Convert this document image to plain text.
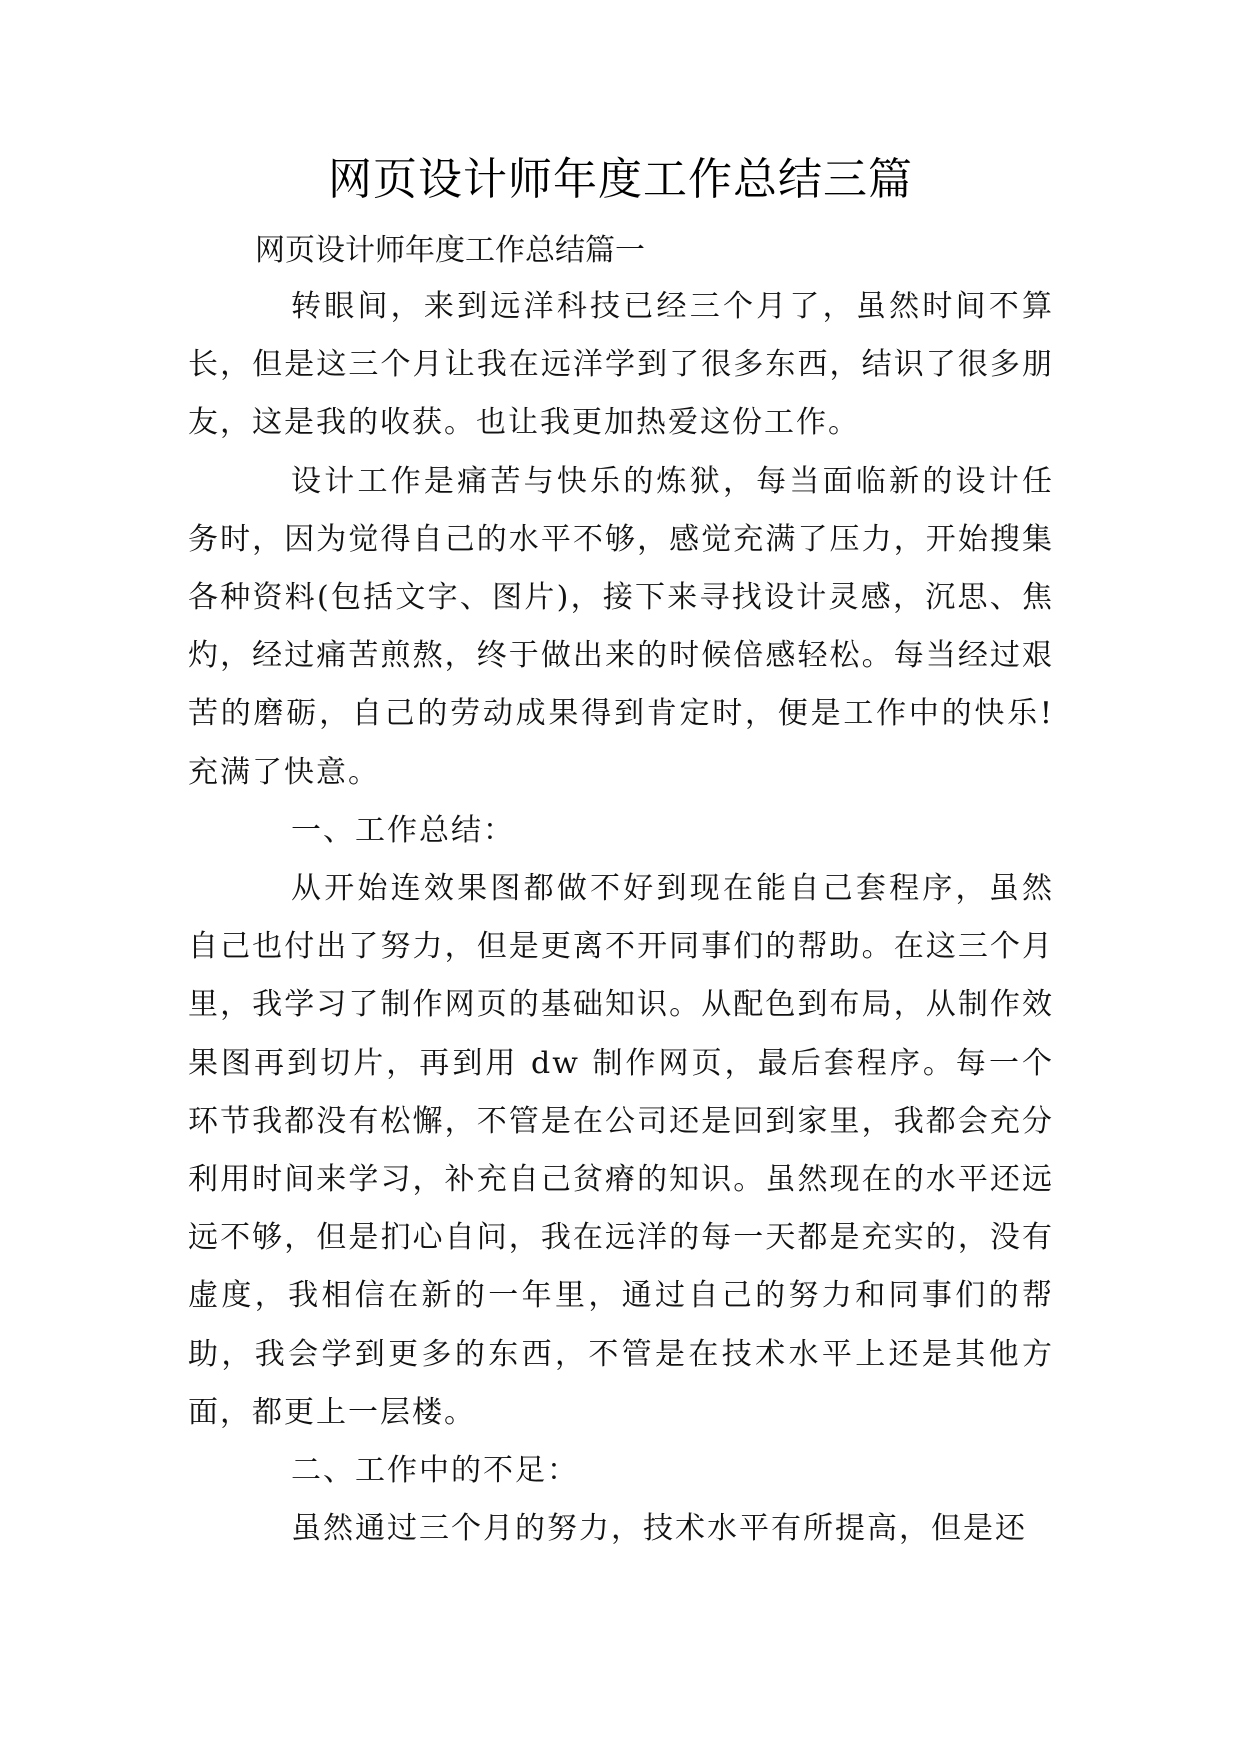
网页设计师年度工作总结三篇
网页设计师年度工作总结篇一

转眼间，来到远洋科技已经三个月了，虽然时间不算长，但是这三个月让我在远洋学到了很多东西，结识了很多朋友，这是我的收获。也让我更加热爱这份工作。

设计工作是痛苦与快乐的炼狱，每当面临新的设计任务时，因为觉得自己的水平不够，感觉充满了压力，开始搜集各种资料(包括文字、图片)，接下来寻找设计灵感，沉思、焦灼，经过痛苦煎熬，终于做出来的时候倍感轻松。每当经过艰苦的磨砺，自己的劳动成果得到肯定时，便是工作中的快乐!充满了快意。

一、工作总结：

从开始连效果图都做不好到现在能自己套程序，虽然自己也付出了努力，但是更离不开同事们的帮助。在这三个月里，我学习了制作网页的基础知识。从配色到布局，从制作效果图再到切片，再到用 dw 制作网页，最后套程序。每一个环节我都没有松懈，不管是在公司还是回到家里，我都会充分利用时间来学习，补充自己贫瘠的知识。虽然现在的水平还远远不够，但是扪心自问，我在远洋的每一天都是充实的，没有虚度，我相信在新的一年里，通过自己的努力和同事们的帮助，我会学到更多的东西，不管是在技术水平上还是其他方面，都更上一层楼。

二、工作中的不足：

虽然通过三个月的努力，技术水平有所提高，但是还
